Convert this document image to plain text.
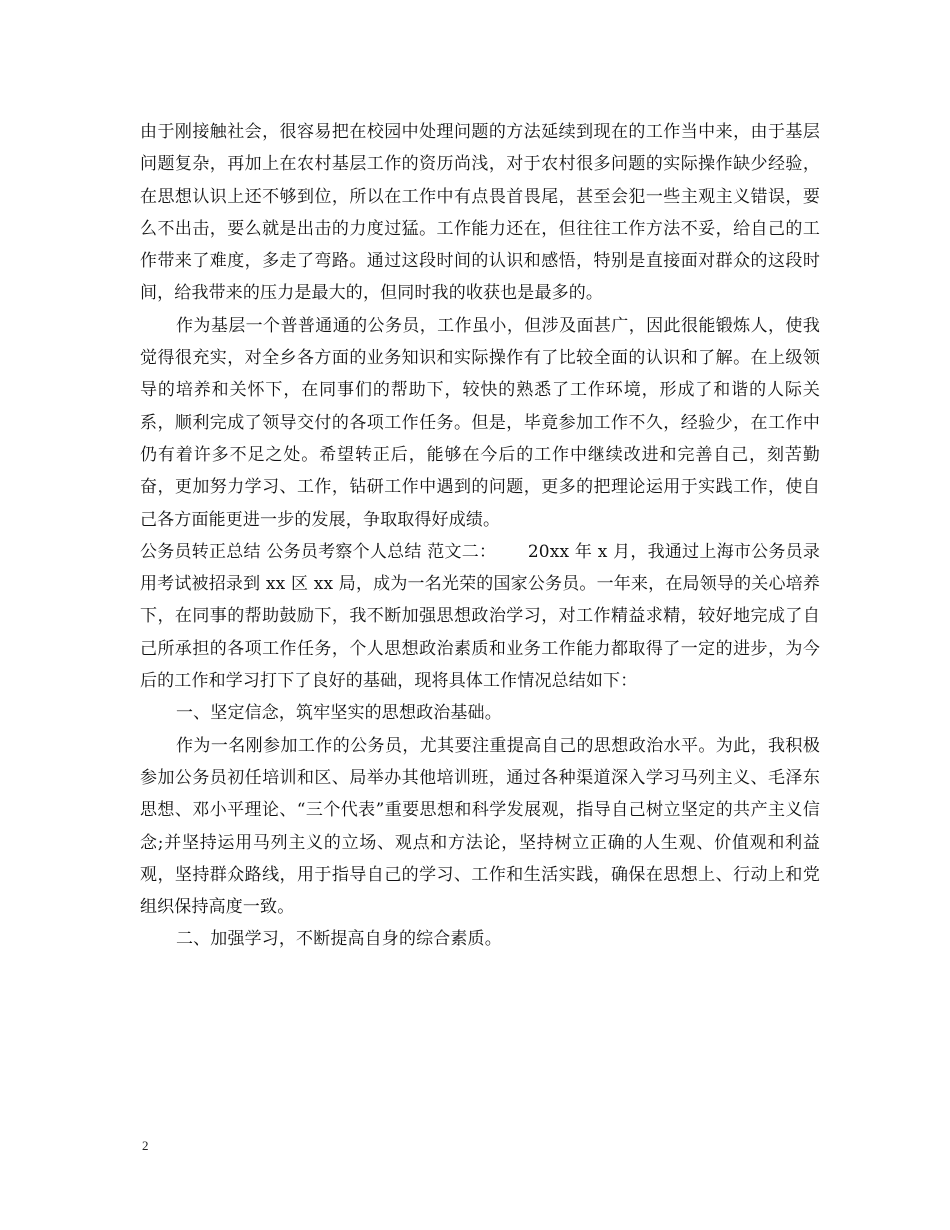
由于刚接触社会，很容易把在校园中处理问题的方法延续到现在的工作当中来，由于基层问题复杂，再加上在农村基层工作的资历尚浅，对于农村很多问题的实际操作缺少经验，在思想认识上还不够到位，所以在工作中有点畏首畏尾，甚至会犯一些主观主义错误，要么不出击，要么就是出击的力度过猛。工作能力还在，但往往工作方法不妥，给自己的工作带来了难度，多走了弯路。通过这段时间的认识和感悟，特别是直接面对群众的这段时间，给我带来的压力是最大的，但同时我的收获也是最多的。

作为基层一个普普通通的公务员，工作虽小，但涉及面甚广，因此很能锻炼人，使我觉得很充实，对全乡各方面的业务知识和实际操作有了比较全面的认识和了解。在上级领导的培养和关怀下，在同事们的帮助下，较快的熟悉了工作环境，形成了和谐的人际关系，顺利完成了领导交付的各项工作任务。但是，毕竟参加工作不久，经验少，在工作中仍有着许多不足之处。希望转正后，能够在今后的工作中继续改进和完善自己，刻苦勤奋，更加努力学习、工作，钻研工作中遇到的问题，更多的把理论运用于实践工作，使自己各方面能更进一步的发展，争取取得好成绩。

公务员转正总结 公务员考察个人总结 范文二：　　 20xx 年 x 月，我通过上海市公务员录用考试被招录到 xx 区 xx 局，成为一名光荣的国家公务员。一年来，在局领导的关心培养下，在同事的帮助鼓励下，我不断加强思想政治学习，对工作精益求精，较好地完成了自己所承担的各项工作任务，个人思想政治素质和业务工作能力都取得了一定的进步，为今后的工作和学习打下了良好的基础，现将具体工作情况总结如下：

一、坚定信念，筑牢坚实的思想政治基础。

作为一名刚参加工作的公务员，尤其要注重提高自己的思想政治水平。为此，我积极参加公务员初任培训和区、局举办其他培训班，通过各种渠道深入学习马列主义、毛泽东思想、邓小平理论、“三个代表”重要思想和科学发展观，指导自己树立坚定的共产主义信念;并坚持运用马列主义的立场、观点和方法论，坚持树立正确的人生观、价值观和利益观，坚持群众路线，用于指导自己的学习、工作和生活实践，确保在思想上、行动上和党组织保持高度一致。

二、加强学习，不断提高自身的综合素质。

2
